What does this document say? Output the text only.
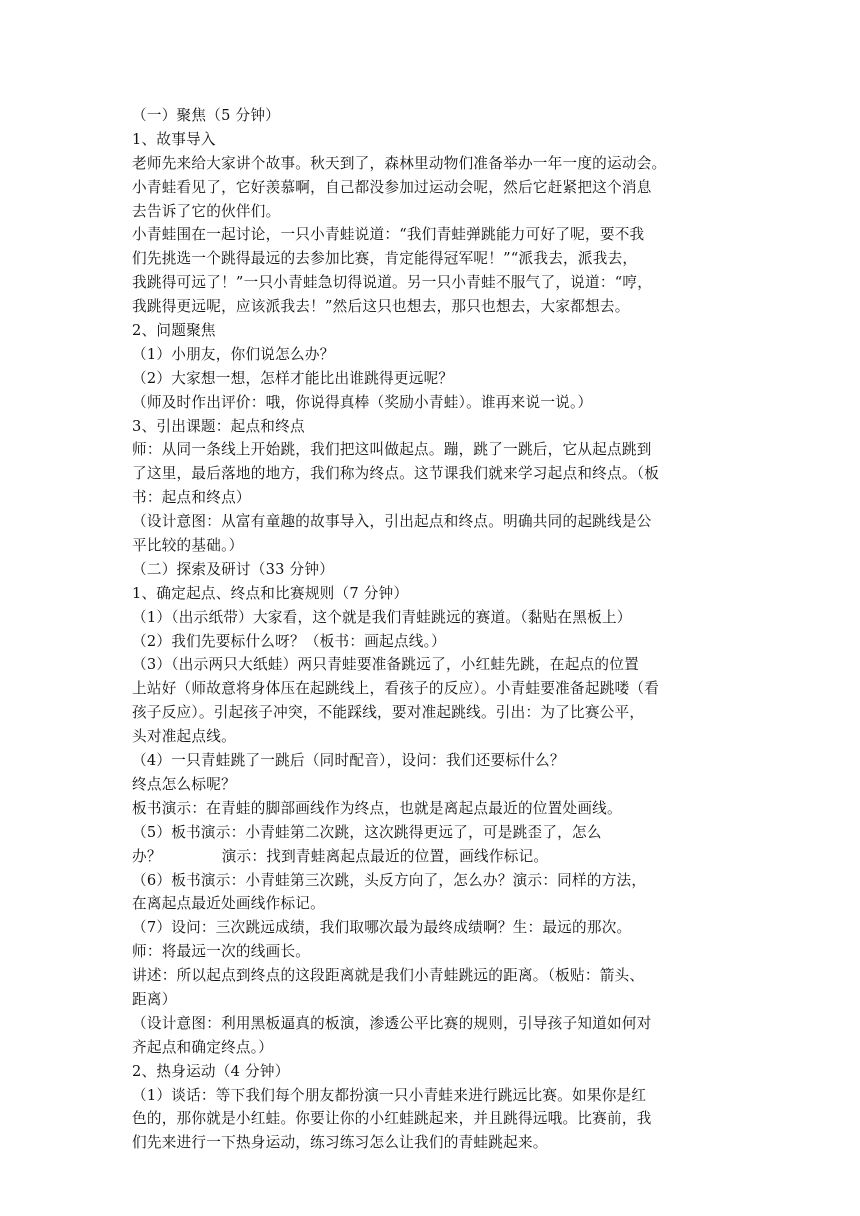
（一）聚焦（5 分钟）
1、故事导入
老师先来给大家讲个故事。秋天到了，森林里动物们准备举办一年一度的运动会。
小青蛙看见了，它好羡慕啊，自己都没参加过运动会呢，然后它赶紧把这个消息
去告诉了它的伙伴们。
小青蛙围在一起讨论，一只小青蛙说道：“我们青蛙弹跳能力可好了呢，要不我
们先挑选一个跳得最远的去参加比赛，肯定能得冠军呢！”“派我去，派我去，
我跳得可远了！”一只小青蛙急切得说道。另一只小青蛙不服气了，说道：“哼，
我跳得更远呢，应该派我去！”然后这只也想去，那只也想去，大家都想去。
2、问题聚焦
（1）小朋友，你们说怎么办？
（2）大家想一想，怎样才能比出谁跳得更远呢？
（师及时作出评价：哦，你说得真棒（奖励小青蛙）。谁再来说一说。）
3、引出课题：起点和终点
师：从同一条线上开始跳，我们把这叫做起点。蹦，跳了一跳后，它从起点跳到
了这里，最后落地的地方，我们称为终点。这节课我们就来学习起点和终点。（板
书：起点和终点）
（设计意图：从富有童趣的故事导入，引出起点和终点。明确共同的起跳线是公
平比较的基础。）
（二）探索及研讨（33 分钟）
1、确定起点、终点和比赛规则（7 分钟）
（1）（出示纸带）大家看，这个就是我们青蛙跳远的赛道。（黏贴在黑板上）
（2）我们先要标什么呀？（板书：画起点线。）
（3）（出示两只大纸蛙）两只青蛙要准备跳远了，小红蛙先跳，在起点的位置
上站好（师故意将身体压在起跳线上，看孩子的反应）。小青蛙要准备起跳喽（看
孩子反应）。引起孩子冲突，不能踩线，要对准起跳线。引出：为了比赛公平，
头对准起点线。
（4）一只青蛙跳了一跳后（同时配音），设问：我们还要标什么？
终点怎么标呢？
板书演示：在青蛙的脚部画线作为终点，也就是离起点最近的位置处画线。
（5）板书演示：小青蛙第二次跳，这次跳得更远了，可是跳歪了，怎么
办？	演示：找到青蛙离起点最近的位置，画线作标记。
（6）板书演示：小青蛙第三次跳，头反方向了，怎么办？演示：同样的方法，
在离起点最近处画线作标记。
（7）设问：三次跳远成绩，我们取哪次最为最终成绩啊？生：最远的那次。
师：将最远一次的线画长。
讲述：所以起点到终点的这段距离就是我们小青蛙跳远的距离。（板贴：箭头、
距离）
（设计意图：利用黑板逼真的板演，渗透公平比赛的规则，引导孩子知道如何对
齐起点和确定终点。）
2、热身运动（4 分钟）
（1）谈话：等下我们每个朋友都扮演一只小青蛙来进行跳远比赛。如果你是红
色的，那你就是小红蛙。你要让你的小红蛙跳起来，并且跳得远哦。比赛前，我
们先来进行一下热身运动，练习练习怎么让我们的青蛙跳起来。
